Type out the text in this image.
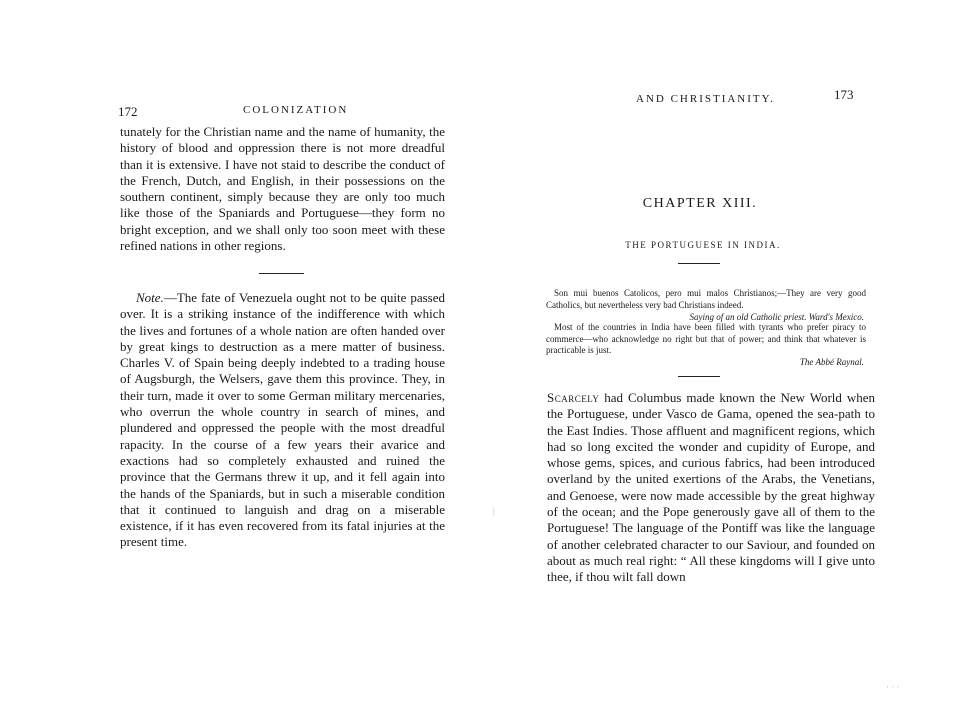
172	COLONIZATION

tunately for the Christian name and the name of humanity, the history of blood and oppression there is not more dreadful than it is extensive. I have not staid to describe the conduct of the French, Dutch, and English, in their possessions on the southern continent, simply because they are only too much like those of the Spaniards and Portuguese—they form no bright exception, and we shall only too soon meet with these refined nations in other regions.

Note.—The fate of Venezuela ought not to be quite passed over. It is a striking instance of the indifference with which the lives and fortunes of a whole nation are often handed over by great kings to destruction as a mere matter of business. Charles V. of Spain being deeply indebted to a trading house of Augsburgh, the Welsers, gave them this province. They, in their turn, made it over to some German military mercenaries, who overrun the whole country in search of mines, and plundered and oppressed the people with the most dreadful rapacity. In the course of a few years their avarice and exactions had so completely exhausted and ruined the province that the Germans threw it up, and it fell again into the hands of the Spaniards, but in such a miserable condition that it continued to languish and drag on a miserable existence, if it has even recovered from its fatal injuries at the present time.

AND CHRISTIANITY.	173
CHAPTER XIII.
THE PORTUGUESE IN INDIA.

Son mui buenos Catolicos, pero mui malos Christianos;—They are very good Catholics, but nevertheless very bad Christians indeed.

Saying of an old Catholic priest. Ward's Mexico.

Most of the countries in India have been filled with tyrants who prefer piracy to commerce—who acknowledge no right but that of power; and think that whatever is practicable is just.

The Abbé Raynal.

Scarcely had Columbus made known the New World when the Portuguese, under Vasco de Gama, opened the sea-path to the East Indies. Those affluent and magnificent regions, which had so long excited the wonder and cupidity of Europe, and whose gems, spices, and curious fabrics, had been introduced overland by the united exertions of the Arabs, the Venetians, and Genoese, were now made accessible by the great highway of the ocean; and the Pope generously gave all of them to the Portuguese! The language of the Pontiff was like the language of another celebrated character to our Saviour, and founded on about as much real right: “ All these kingdoms will I give unto thee, if thou wilt fall down

|
· · ·
